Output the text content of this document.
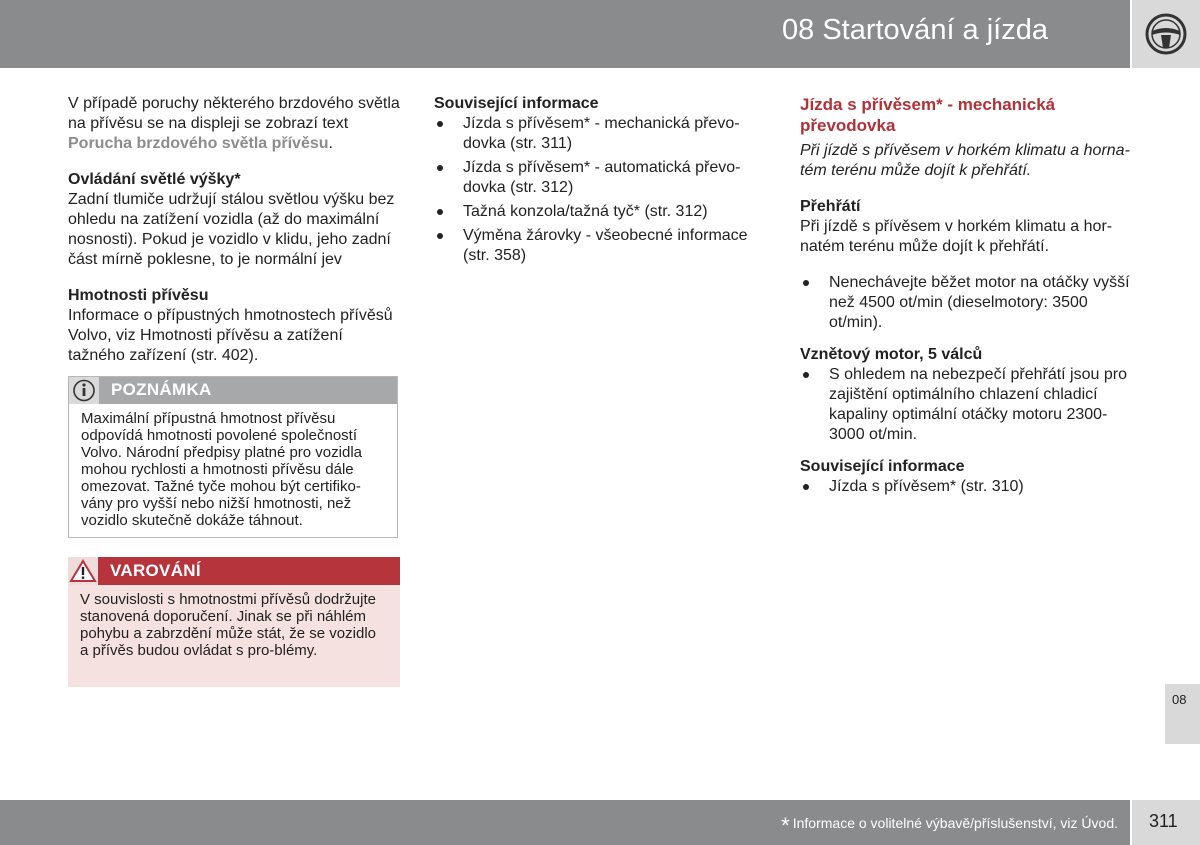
08 Startování a jízda

V případě poruchy některého brzdového světla na přívěsu se na displeji se zobrazí text Porucha brzdového světla přívěsu.

Ovládání světlé výšky*

Zadní tlumiče udržují stálou světlou výšku bez ohledu na zatížení vozidla (až do maximální nosnosti). Pokud je vozidlo v klidu, jeho zadní část mírně poklesne, to je normální jev

Hmotnosti přívěsu

Informace o přípustných hmotnostech přívěsů Volvo, viz Hmotnosti přívěsu a zatížení tažného zařízení (str. 402).

POZNÁMKA
Maximální přípustná hmotnost přívěsu odpovídá hmotnosti povolené společností Volvo. Národní předpisy platné pro vozidla mohou rychlosti a hmotnosti přívěsu dále omezovat. Tažné tyče mohou být certifiko-vány pro vyšší nebo nižší hmotnosti, než vozidlo skutečně dokáže táhnout.
VAROVÁNÍ
V souvislosti s hmotnostmi přívěsů dodržujte stanovená doporučení. Jinak se při náhlém pohybu a zabrzdění může stát, že se vozidlo a přívěs budou ovládat s pro-blémy.
Související informace
Jízda s přívěsem* - mechanická převo-dovka (str. 311)
Jízda s přívěsem* - automatická převo-dovka (str. 312)
Tažná konzola/tažná tyč* (str. 312)
Výměna žárovky - všeobecné informace (str. 358)

Jízda s přívěsem* - mechanická převodovka

Při jízdě s přívěsem v horkém klimatu a horna-tém terénu může dojít k přehřátí.

Přehřátí

Při jízdě s přívěsem v horkém klimatu a hor-natém terénu může dojít k přehřátí.

Nenechávejte běžet motor na otáčky vyšší než 4500 ot/min (dieselmotory: 3500 ot/min).
Vznětový motor, 5 válců
S ohledem na nebezpečí přehřátí jsou pro zajištění optimálního chlazení chladicí kapaliny optimální otáčky motoru 2300-3000 ot/min.
Související informace
Jízda s přívěsem* (str. 310)
08
* Informace o volitelné výbavě/příslušenství, viz Úvod. 311
